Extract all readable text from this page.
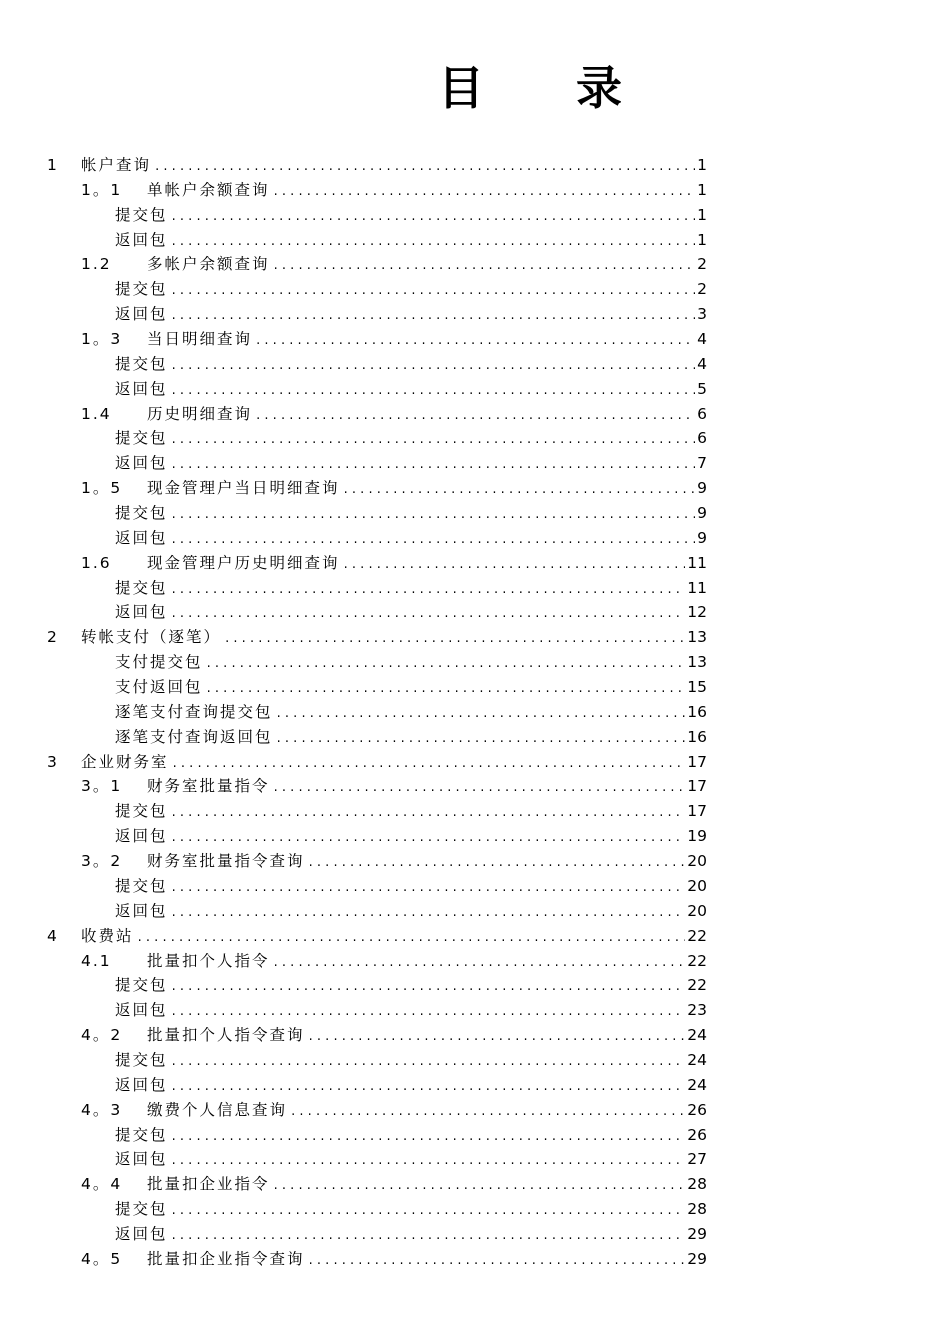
目　　录
1 帐户查询 . . .	1
1。1 单帐户余额查询 . . .	1
提交包 . . .	1
返回包 . . .	1
1.2 多帐户余额查询 . . .	2
提交包 . . .	2
返回包 . . .	3
1。3 当日明细查询 . . .	4
提交包 . . .	4
返回包 . . .	5
1.4 历史明细查询 . . .	6
提交包 . . .	6
返回包 . . .	7
1。5 现金管理户当日明细查询 . . .	9
提交包 . . .	9
返回包 . . .	9
1.6 现金管理户历史明细查询 . . .	11
提交包 . . .	11
返回包 . . .	12
2 转帐支付（逐笔） . . .	13
支付提交包 . . .	13
支付返回包 . . .	15
逐笔支付查询提交包 . . .	16
逐笔支付查询返回包 . . .	16
3 企业财务室 . . .	17
3。1 财务室批量指令 . . .	17
提交包 . . .	17
返回包 . . .	19
3。2 财务室批量指令查询 . . .	20
提交包 . . .	20
返回包 . . .	20
4 收费站 . . .	22
4.1 批量扣个人指令 . . .	22
提交包 . . .	22
返回包 . . .	23
4。2 批量扣个人指令查询 . . .	24
提交包 . . .	24
返回包 . . .	24
4。3 缴费个人信息查询 . . .	26
提交包 . . .	26
返回包 . . .	27
4。4 批量扣企业指令 . . .	28
提交包 . . .	28
返回包 . . .	29
4。5 批量扣企业指令查询 . . .	29
